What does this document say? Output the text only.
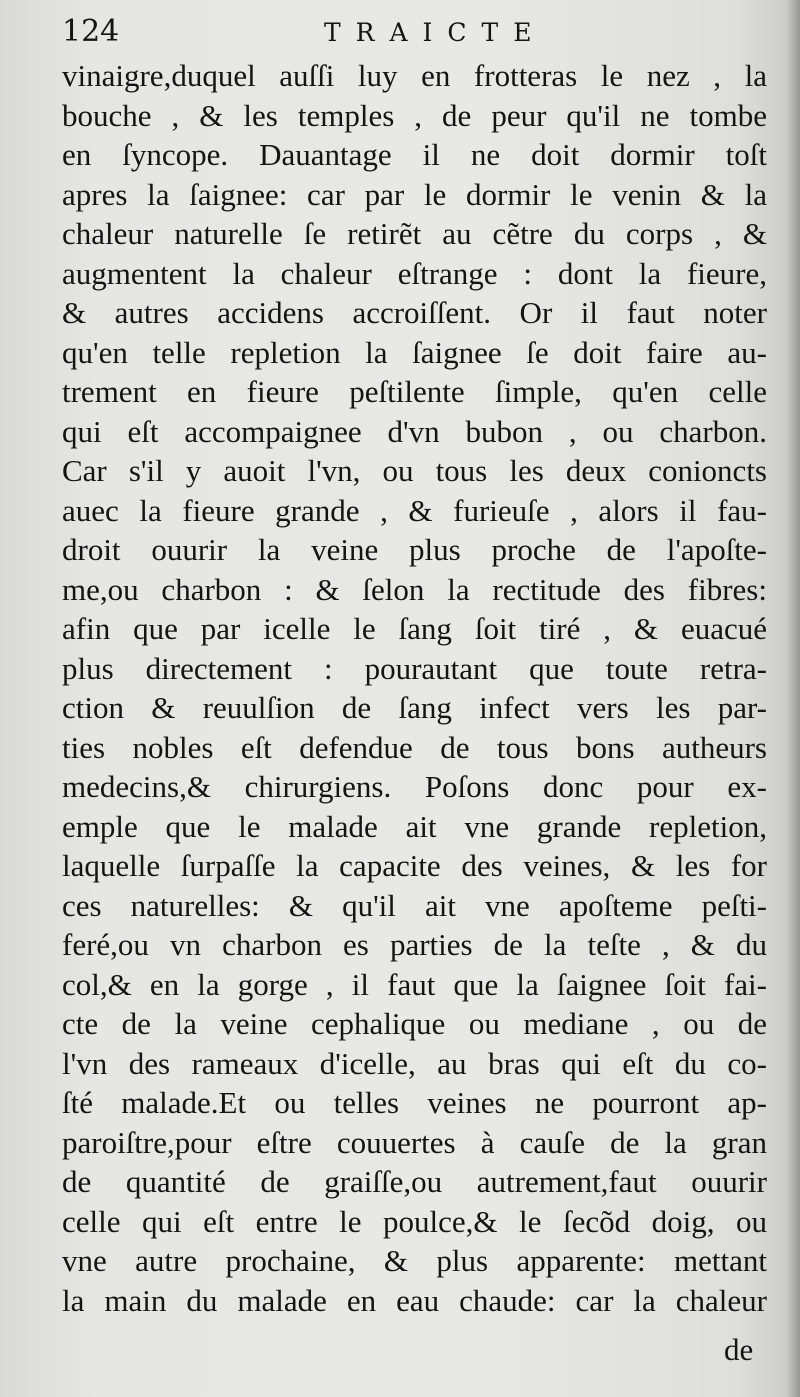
124	TRAICTE
vinaigre,duquel auſſi luy en frotteras le nez , la
bouche , & les temples , de peur qu'il ne tombe
en ſyncope. Dauantage il ne doit dormir toſt
apres la ſaignee: car par le dormir le venin & la
chaleur naturelle ſe retirẽt au cẽtre du corps , &
augmentent la chaleur eſtrange : dont la fieure,
& autres accidens accroiſſent. Or il faut noter
qu'en telle repletion la ſaignee ſe doit faire au-
trement en fieure peſtilente ſimple, qu'en celle
qui eſt accompaignee d'vn bubon , ou charbon.
Car s'il y auoit l'vn, ou tous les deux conioncts
auec la fieure grande , & furieuſe , alors il fau-
droit ouurir la veine plus proche de l'apoſte-
me,ou charbon : & ſelon la rectitude des fibres:
afin que par icelle le ſang ſoit tiré , & euacué
plus directement : pourautant que toute retra-
ction & reuulſion de ſang infect vers les par-
ties nobles eſt defendue de tous bons autheurs
medecins,& chirurgiens. Poſons donc pour ex-
emple que le malade ait vne grande repletion,
laquelle ſurpaſſe la capacite des veines, & les for
ces naturelles: & qu'il ait vne apoſteme peſti-
feré,ou vn charbon es parties de la teſte , & du
col,& en la gorge , il faut que la ſaignee ſoit fai-
cte de la veine cephalique ou mediane , ou de
l'vn des rameaux d'icelle, au bras qui eſt du co-
ſté malade.Et ou telles veines ne pourront ap-
paroiſtre,pour eſtre couuertes à cauſe de la gran
de quantité de graiſſe,ou autrement,faut ouurir
celle qui eſt entre le poulce,& le ſecõd doig, ou
vne autre prochaine, & plus apparente: mettant
la main du malade en eau chaude: car la chaleur
de
